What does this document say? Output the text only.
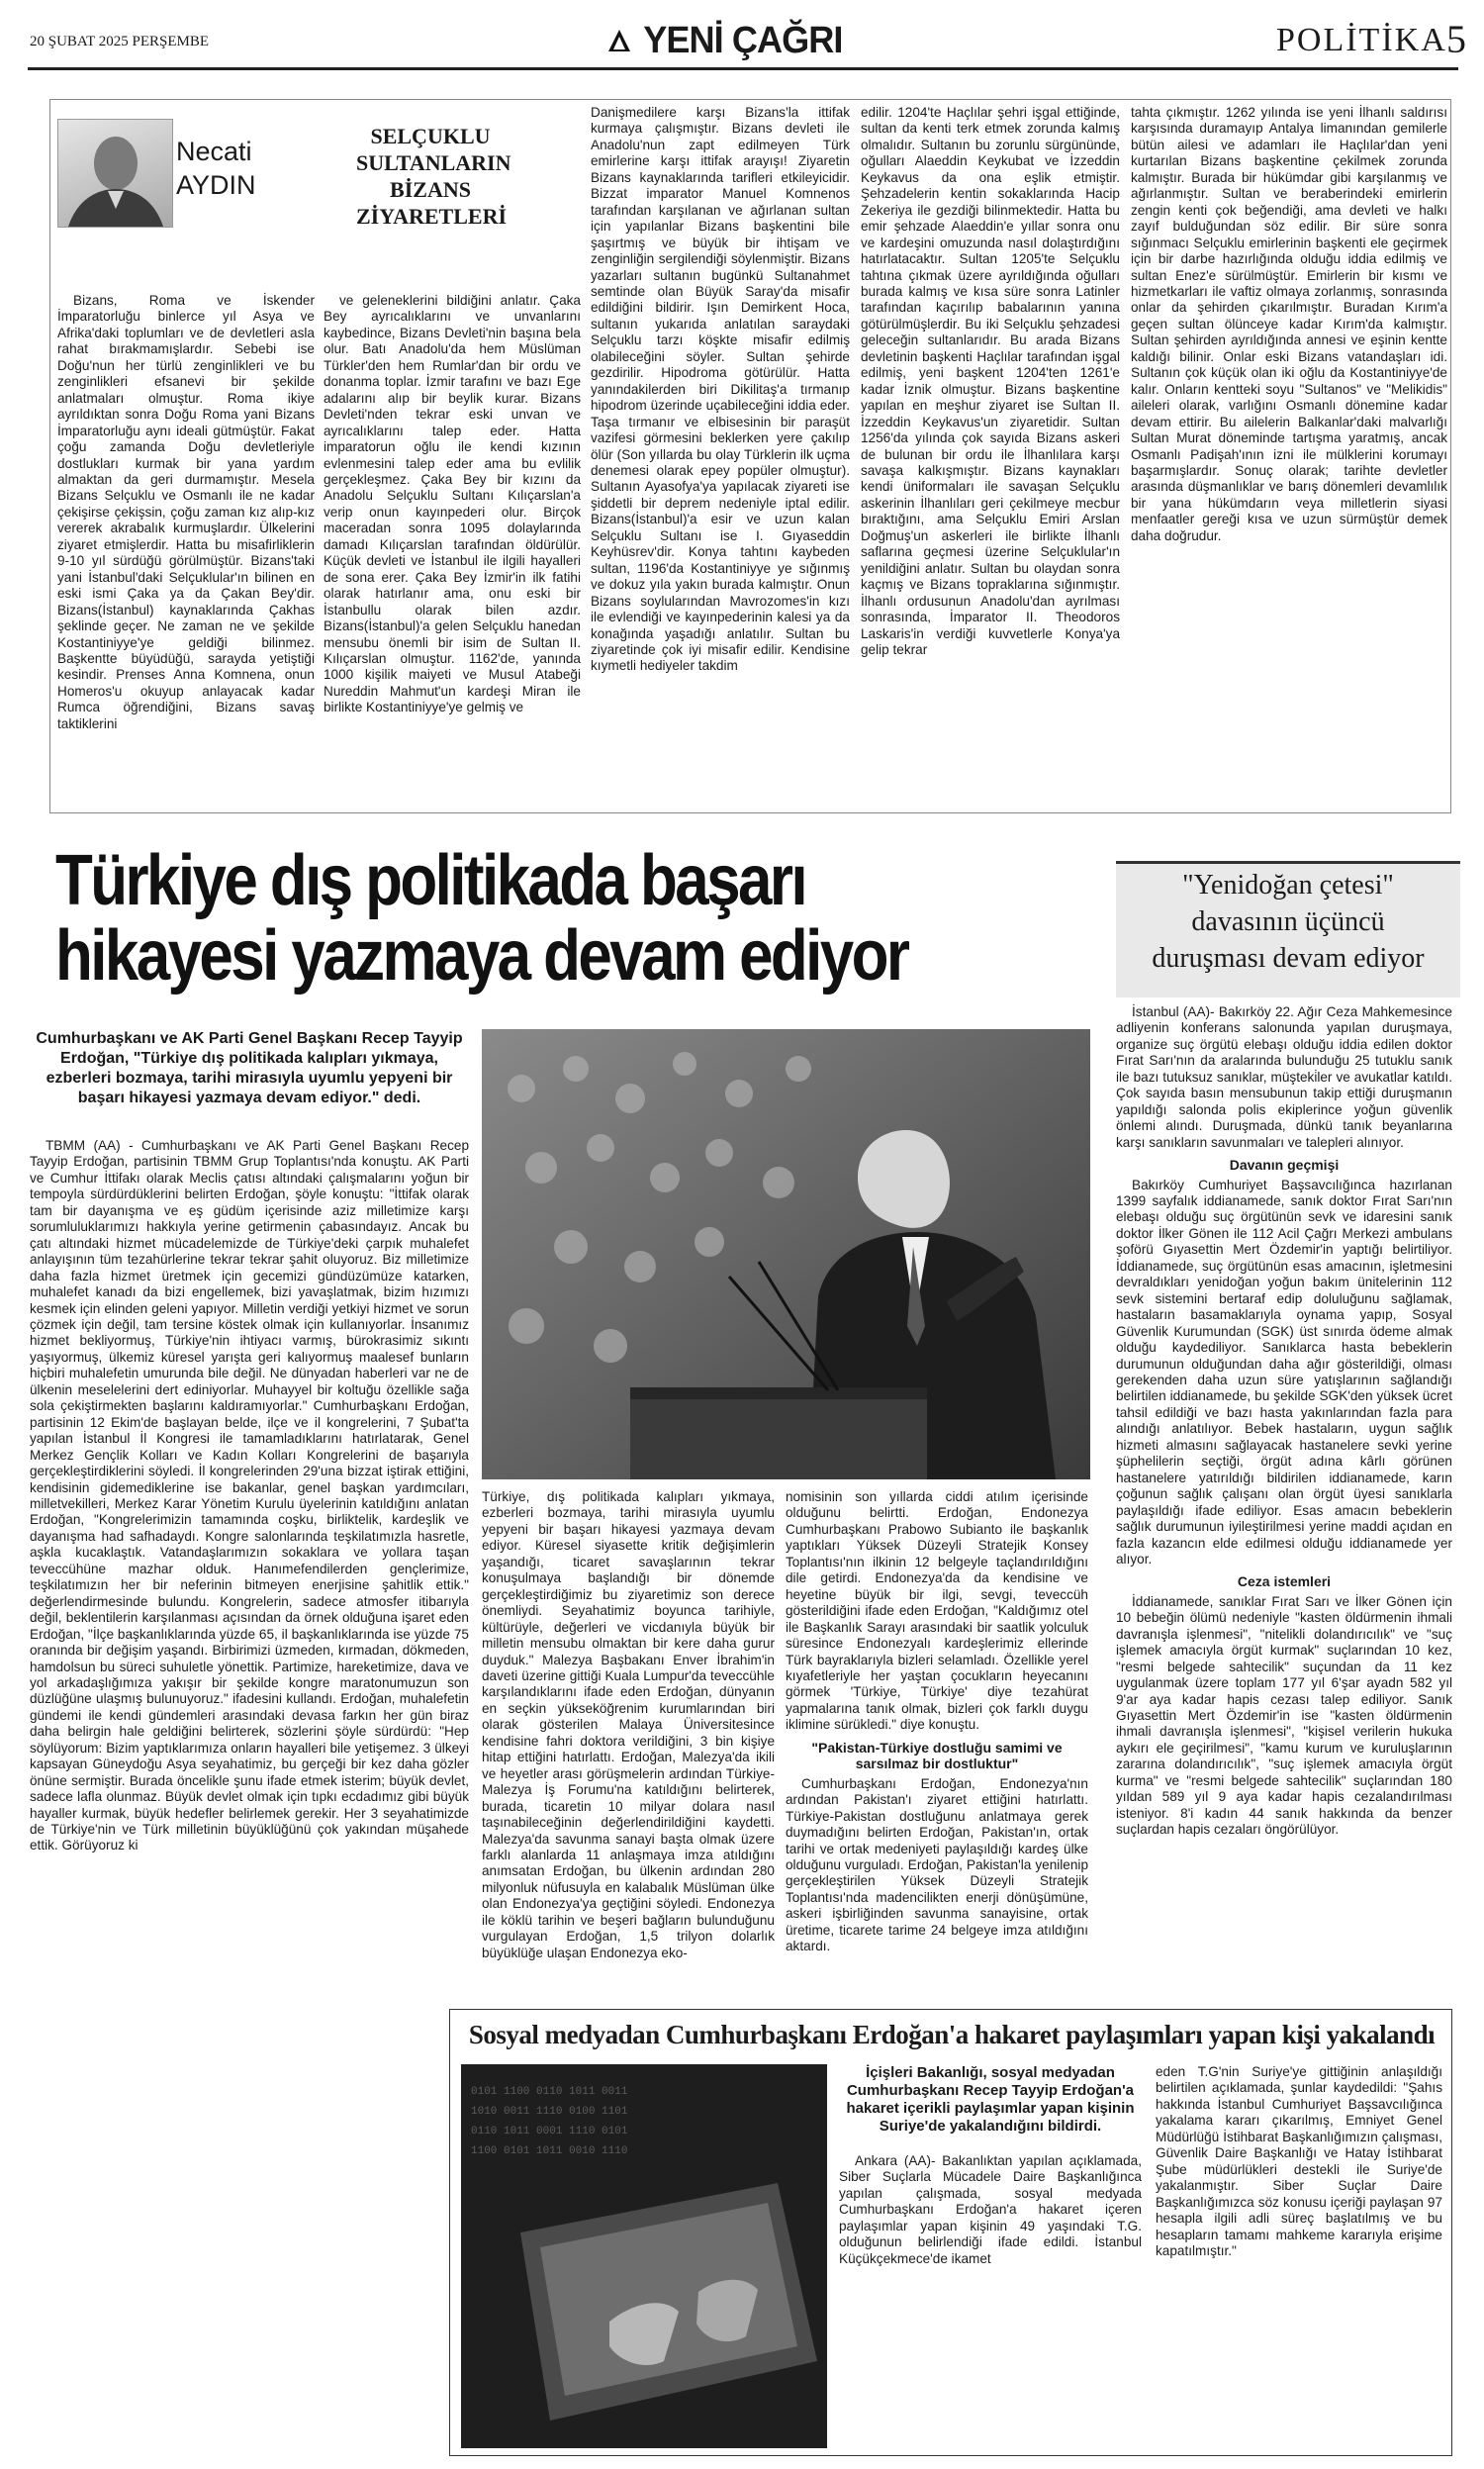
20 ŞUBAT 2025 PERŞEMBE	YENİ ÇAĞRI	POLİTİKA 5
Necati
AYDIN
SELÇUKLU
SULTANLARIN
BİZANS
ZİYARETLERİ

Bizans, Roma ve İskender İmparatorluğu binlerce yıl Asya ve Afrika'daki toplumları ve de devletleri asla rahat bırakmamışlardır. Sebebi ise Doğu'nun her türlü zenginlikleri ve bu zenginlikleri efsanevi bir şekilde anlatmaları olmuştur. Roma ikiye ayrıldıktan sonra Doğu Roma yani Bizans İmparatorluğu aynı ideali gütmüştür. Fakat çoğu zamanda Doğu devletleriyle dostlukları kurmak bir yana yardım almaktan da geri durmamıştır. Mesela Bizans Selçuklu ve Osmanlı ile ne kadar çekişirse çekişsin, çoğu zaman kız alıp-kız vererek akrabalık kurmuşlardır. Ülkelerini ziyaret etmişlerdir. Hatta bu misafirliklerin 9-10 yıl sürdüğü görülmüştür. Bizans'taki yani İstanbul'daki Selçuklular'ın bilinen en eski ismi Çaka ya da Çakan Bey'dir. Bizans(İstanbul) kaynaklarında Çakhas şeklinde geçer. Ne zaman ne ve şekilde Kostantiniyye'ye geldiği bilinmez. Başkentte büyüdüğü, sarayda yetiştiği kesindir. Prenses Anna Komnena, onun Homeros'u okuyup anlayacak kadar Rumca öğrendiğini, Bizans savaş taktiklerini

ve geleneklerini bildiğini anlatır. Çaka Bey ayrıcalıklarını ve unvanlarını kaybedince, Bizans Devleti'nin başına bela olur. Batı Anadolu'da hem Müslüman Türkler'den hem Rumlar'dan bir ordu ve donanma toplar. İzmir tarafını ve bazı Ege adalarını alıp bir beylik kurar. Bizans Devleti'nden tekrar eski unvan ve ayrıcalıklarını talep eder. Hatta imparatorun oğlu ile kendi kızının evlenmesini talep eder ama bu evlilik gerçekleşmez. Çaka Bey bir kızını da Anadolu Selçuklu Sultanı Kılıçarslan'a verip onun kayınpederi olur. Birçok maceradan sonra 1095 dolaylarında damadı Kılıçarslan tarafından öldürülür. Küçük devleti ve İstanbul ile ilgili hayalleri de sona erer. Çaka Bey İzmir'in ilk fatihi olarak hatırlanır ama, onu eski bir İstanbullu olarak bilen azdır. Bizans(İstanbul)'a gelen Selçuklu hanedan mensubu önemli bir isim de Sultan II. Kılıçarslan olmuştur. 1162'de, yanında 1000 kişilik maiyeti ve Musul Atabeği Nureddin Mahmut'un kardeşi Miran ile birlikte Kostantiniyye'ye gelmiş ve

Danişmedilere karşı Bizans'la ittifak kurmaya çalışmıştır. Bizans devleti ile Anadolu'nun zapt edilmeyen Türk emirlerine karşı ittifak arayışı! Ziyaretin Bizans kaynaklarında tarifleri etkileyicidir. Bizzat imparator Manuel Komnenos tarafından karşılanan ve ağırlanan sultan için yapılanlar Bizans başkentini bile şaşırtmış ve büyük bir ihtişam ve zenginliğin sergilendiği söylenmiştir. Bizans yazarları sultanın bugünkü Sultanahmet semtinde olan Büyük Saray'da misafir edildiğini bildirir. Işın Demirkent Hoca, sultanın yukarıda anlatılan saraydaki Selçuklu tarzı köşkte misafir edilmiş olabileceğini söyler. Sultan şehirde gezdirilir. Hipodroma götürülür. Hatta yanındakilerden biri Dikilitaş'a tırmanıp hipodrom üzerinde uçabileceğini iddia eder. Taşa tırmanır ve elbisesinin bir paraşüt vazifesi görmesini beklerken yere çakılıp ölür (Son yıllarda bu olay Türklerin ilk uçma denemesi olarak epey popüler olmuştur). Sultanın Ayasofya'ya yapılacak ziyareti ise şiddetli bir deprem nedeniyle iptal edilir. Bizans(İstanbul)'a esir ve uzun kalan Selçuklu Sultanı ise I. Gıyaseddin Keyhüsrev'dir. Konya tahtını kaybeden sultan, 1196'da Kostantiniyye ye sığınmış ve dokuz yıla yakın burada kalmıştır. Onun Bizans soylularından Mavrozomes'in kızı ile evlendiği ve kayınpederinin kalesi ya da konağında yaşadığı anlatılır. Sultan bu ziyaretinde çok iyi misafir edilir. Kendisine kıymetli hediyeler takdim

edilir. 1204'te Haçlılar şehri işgal ettiğinde, sultan da kenti terk etmek zorunda kalmış olmalıdır. Sultanın bu zorunlu sürgününde, oğulları Alaeddin Keykubat ve İzzeddin Keykavus da ona eşlik etmiştir. Şehzadelerin kentin sokaklarında Hacip Zekeriya ile gezdiği bilinmektedir. Hatta bu emir şehzade Alaeddin'e yıllar sonra onu ve kardeşini omuzunda nasıl dolaştırdığını hatırlatacaktır. Sultan 1205'te Selçuklu tahtına çıkmak üzere ayrıldığında oğulları burada kalmış ve kısa süre sonra Latinler tarafından kaçırılıp babalarının yanına götürülmüşlerdir. Bu iki Selçuklu şehzadesi geleceğin sultanlarıdır. Bu arada Bizans devletinin başkenti Haçlılar tarafından işgal edilmiş, yeni başkent 1204'ten 1261'e kadar İznik olmuştur. Bizans başkentine yapılan en meşhur ziyaret ise Sultan II. İzzeddin Keykavus'un ziyaretidir. Sultan 1256'da yılında çok sayıda Bizans askeri de bulunan bir ordu ile İlhanlılara karşı savaşa kalkışmıştır. Bizans kaynakları kendi üniformaları ile savaşan Selçuklu askerinin İlhanlıları geri çekilmeye mecbur bıraktığını, ama Selçuklu Emiri Arslan Doğmuş'un askerleri ile birlikte İlhanlı saflarına geçmesi üzerine Selçuklular'ın yenildiğini anlatır. Sultan bu olaydan sonra kaçmış ve Bizans topraklarına sığınmıştır. İlhanlı ordusunun Anadolu'dan ayrılması sonrasında, İmparator II. Theodoros Laskaris'in verdiği kuvvetlerle Konya'ya gelip tekrar

tahta çıkmıştır. 1262 yılında ise yeni İlhanlı saldırısı karşısında duramayıp Antalya limanından gemilerle bütün ailesi ve adamları ile Haçlılar'dan yeni kurtarılan Bizans başkentine çekilmek zorunda kalmıştır. Burada bir hükümdar gibi karşılanmış ve ağırlanmıştır. Sultan ve beraberindeki emirlerin zengin kenti çok beğendiği, ama devleti ve halkı zayıf bulduğundan söz edilir. Bir süre sonra sığınmacı Selçuklu emirlerinin başkenti ele geçirmek için bir darbe hazırlığında olduğu iddia edilmiş ve sultan Enez'e sürülmüştür. Emirlerin bir kısmı ve hizmetkarları ile vaftiz olmaya zorlanmış, sonrasında onlar da şehirden çıkarılmıştır. Buradan Kırım'a geçen sultan ölünceye kadar Kırım'da kalmıştır. Sultan şehirden ayrıldığında annesi ve eşinin kentte kaldığı bilinir. Onlar eski Bizans vatandaşları idi. Sultanın çok küçük olan iki oğlu da Kostantiniyye'de kalır. Onların kentteki soyu "Sultanos" ve "Melikidis" aileleri olarak, varlığını Osmanlı dönemine kadar devam ettirir. Bu ailelerin Balkanlar'daki malvarlığı Sultan Murat döneminde tartışma yaratmış, ancak Osmanlı Padişah'ının izni ile mülklerini korumayı başarmışlardır. Sonuç olarak; tarihte devletler arasında düşmanlıklar ve barış dönemleri devamlılık bir yana hükümdarın veya milletlerin siyasi menfaatler gereği kısa ve uzun sürmüştür demek daha doğrudur.

Türkiye dış politikada başarı
hikayesi yazmaya devam ediyor
Cumhurbaşkanı ve AK Parti Genel Başkanı Recep Tayyip Erdoğan, "Türkiye dış politikada kalıpları yıkmaya, ezberleri bozmaya, tarihi mirasıyla uyumlu yepyeni bir başarı hikayesi yazmaya devam ediyor." dedi.

TBMM (AA) - Cumhurbaşkanı ve AK Parti Genel Başkanı Recep Tayyip Erdoğan, partisinin TBMM Grup Toplantısı'nda konuştu. AK Parti ve Cumhur İttifakı olarak Meclis çatısı altındaki çalışmalarını yoğun bir tempoyla sürdürdüklerini belirten Erdoğan, şöyle konuştu: "İttifak olarak tam bir dayanışma ve eş güdüm içerisinde aziz milletimize karşı sorumluluklarımızı hakkıyla yerine getirmenin çabasındayız. Ancak bu çatı altındaki hizmet mücadelemizde de Türkiye'deki çarpık muhalefet anlayışının tüm tezahürlerine tekrar tekrar şahit oluyoruz. Biz milletimize daha fazla hizmet üretmek için gecemizi gündüzümüze katarken, muhalefet kanadı da bizi engellemek, bizi yavaşlatmak, bizim hızımızı kesmek için elinden geleni yapıyor. Milletin verdiği yetkiyi hizmet ve sorun çözmek için değil, tam tersine köstek olmak için kullanıyorlar. İnsanımız hizmet bekliyormuş, Türkiye'nin ihtiyacı varmış, bürokrasimiz sıkıntı yaşıyormuş, ülkemiz küresel yarışta geri kalıyormuş maalesef bunların hiçbiri muhalefetin umurunda bile değil. Ne dünyadan haberleri var ne de ülkenin meselelerini dert ediniyorlar. Muhayyel bir koltuğu özellikle sağa sola çekiştirmekten başlarını kaldıramıyorlar." Cumhurbaşkanı Erdoğan, partisinin 12 Ekim'de başlayan belde, ilçe ve il kongrelerini, 7 Şubat'ta yapılan İstanbul İl Kongresi ile tamamladıklarını hatırlatarak, Genel Merkez Gençlik Kolları ve Kadın Kolları Kongrelerini de başarıyla gerçekleştirdiklerini söyledi. İl kongrelerinden 29'una bizzat iştirak ettiğini, kendisinin gidemediklerine ise bakanlar, genel başkan yardımcıları, milletvekilleri, Merkez Karar Yönetim Kurulu üyelerinin katıldığını anlatan Erdoğan, "Kongrelerimizin tamamında coşku, birliktelik, kardeşlik ve dayanışma had safhadaydı. Kongre salonlarında teşkilatımızla hasretle, aşkla kucaklaştık. Vatandaşlarımızın sokaklara ve yollara taşan teveccühüne mazhar olduk. Hanımefendilerden gençlerimize, teşkilatımızın her bir neferinin bitmeyen enerjisine şahitlik ettik." değerlendirmesinde bulundu. Kongrelerin, sadece atmosfer itibarıyla değil, beklentilerin karşılanması açısından da örnek olduğuna işaret eden Erdoğan, "İlçe başkanlıklarında yüzde 65, il başkanlıklarında ise yüzde 75 oranında bir değişim yaşandı. Birbirimizi üzmeden, kırmadan, dökmeden, hamdolsun bu süreci suhuletle yönettik. Partimize, hareketimize, dava ve yol arkadaşlığımıza yakışır bir şekilde kongre maratonumuzun son düzlüğüne ulaşmış bulunuyoruz." ifadesini kullandı. Erdoğan, muhalefetin gündemi ile kendi gündemleri arasındaki devasa farkın her gün biraz daha belirgin hale geldiğini belirterek, sözlerini şöyle sürdürdü: "Hep söylüyorum: Bizim yaptıklarımıza onların hayalleri bile yetişemez. 3 ülkeyi kapsayan Güneydoğu Asya seyahatimiz, bu gerçeği bir kez daha gözler önüne sermiştir. Burada öncelikle şunu ifade etmek isterim; büyük devlet, sadece lafla olunmaz. Büyük devlet olmak için tıpkı ecdadımız gibi büyük hayaller kurmak, büyük hedefler belirlemek gerekir. Her 3 seyahatimizde de Türkiye'nin ve Türk milletinin büyüklüğünü çok yakından müşahede ettik. Görüyoruz ki

Türkiye, dış politikada kalıpları yıkmaya, ezberleri bozmaya, tarihi mirasıyla uyumlu yepyeni bir başarı hikayesi yazmaya devam ediyor. Küresel siyasette kritik değişimlerin yaşandığı, ticaret savaşlarının tekrar konuşulmaya başlandığı bir dönemde gerçekleştirdiğimiz bu ziyaretimiz son derece önemliydi. Seyahatimiz boyunca tarihiyle, kültürüyle, değerleri ve vicdanıyla büyük bir milletin mensubu olmaktan bir kere daha gurur duyduk." Malezya Başbakanı Enver İbrahim'in daveti üzerine gittiği Kuala Lumpur'da teveccühle karşılandıklarını ifade eden Erdoğan, dünyanın en seçkin yükseköğrenim kurumlarından biri olarak gösterilen Malaya Üniversitesince kendisine fahri doktora verildiğini, 3 bin kişiye hitap ettiğini hatırlattı. Erdoğan, Malezya'da ikili ve heyetler arası görüşmelerin ardından Türkiye-Malezya İş Forumu'na katıldığını belirterek, burada, ticaretin 10 milyar dolara nasıl taşınabileceğinin değerlendirildiğini kaydetti. Malezya'da savunma sanayi başta olmak üzere farklı alanlarda 11 anlaşmaya imza atıldığını anımsatan Erdoğan, bu ülkenin ardından 280 milyonluk nüfusuyla en kalabalık Müslüman ülke olan Endonezya'ya geçtiğini söyledi. Endonezya ile köklü tarihin ve beşeri bağların bulunduğunu vurgulayan Erdoğan, 1,5 trilyon dolarlık büyüklüğe ulaşan Endonezya eko-

nomisinin son yıllarda ciddi atılım içerisinde olduğunu belirtti. Erdoğan, Endonezya Cumhurbaşkanı Prabowo Subianto ile başkanlık yaptıkları Yüksek Düzeyli Stratejik Konsey Toplantısı'nın ilkinin 12 belgeyle taçlandırıldığını dile getirdi. Endonezya'da da kendisine ve heyetine büyük bir ilgi, sevgi, teveccüh gösterildiğini ifade eden Erdoğan, "Kaldığımız otel ile Başkanlık Sarayı arasındaki bir saatlik yolculuk süresince Endonezyalı kardeşlerimiz ellerinde Türk bayraklarıyla bizleri selamladı. Özellikle yerel kıyafetleriyle her yaştan çocukların heyecanını görmek 'Türkiye, Türkiye' diye tezahürat yapmalarına tanık olmak, bizleri çok farklı duygu iklimine sürükledi." diye konuştu.

"Pakistan-Türkiye dostluğu samimi ve sarsılmaz bir dostluktur"

Cumhurbaşkanı Erdoğan, Endonezya'nın ardından Pakistan'ı ziyaret ettiğini hatırlattı. Türkiye-Pakistan dostluğunu anlatmaya gerek duymadığını belirten Erdoğan, Pakistan'ın, ortak tarihi ve ortak medeniyeti paylaşıldığı kardeş ülke olduğunu vurguladı. Erdoğan, Pakistan'la yenilenip gerçekleştirilen Yüksek Düzeyli Stratejik Toplantısı'nda madencilikten enerji dönüşümüne, askeri işbirliğinden savunma sanayisine, ortak üretime, ticarete tarime 24 belgeye imza atıldığını aktardı.

"Yenidoğan çetesi"
davasının üçüncü
duruşması devam ediyor

İstanbul (AA)- Bakırköy 22. Ağır Ceza Mahkemesince adliyenin konferans salonunda yapılan duruşmaya, organize suç örgütü elebaşı olduğu iddia edilen doktor Fırat Sarı'nın da aralarında bulunduğu 25 tutuklu sanık ile bazı tutuksuz sanıklar, müşteki̇ler ve avukatlar katıldı. Çok sayıda basın mensubunun takip ettiği duruşmanın yapıldığı salonda polis ekiplerince yoğun güvenlik önlemi alındı. Duruşmada, dünkü tanık beyanlarına karşı sanıkların savunmaları ve talepleri alınıyor.

Davanın geçmişi

Bakırköy Cumhuriyet Başsavcılığınca hazırlanan 1399 sayfalık iddianamede, sanık doktor Fırat Sarı'nın elebaşı olduğu suç örgütünün sevk ve idaresini sanık doktor İlker Gönen ile 112 Acil Çağrı Merkezi ambulans şoförü Gıyasettin Mert Özdemir'in yaptığı belirtiliyor. İddianamede, suç örgütünün esas amacının, işletmesini devraldıkları yenidoğan yoğun bakım ünitelerinin 112 sevk sistemini bertaraf edip doluluğunu sağlamak, hastaların basamaklarıyla oynama yapıp, Sosyal Güvenlik Kurumundan (SGK) üst sınırda ödeme almak olduğu kaydediliyor. Sanıklarca hasta bebeklerin durumunun olduğundan daha ağır gösterildiği, olması gerekenden daha uzun süre yatışlarının sağlandığı belirtilen iddianamede, bu şekilde SGK'den yüksek ücret tahsil edildiği ve bazı hasta yakınlarından fazla para alındığı anlatılıyor. Bebek hastaların, uygun sağlık hizmeti almasını sağlayacak hastanelere sevki yerine şüphelilerin seçtiği, örgüt adına kârlı görünen hastanelere yatırıldığı bildirilen iddianamede, karın çoğunun sağlık çalışanı olan örgüt üyesi sanıklarla paylaşıldığı ifade ediliyor. Esas amacın bebeklerin sağlık durumunun iyileştirilmesi yerine maddi açıdan en fazla kazancın elde edilmesi olduğu iddianamede yer alıyor.

Ceza istemleri

İddianamede, sanıklar Fırat Sarı ve İlker Gönen için 10 bebeğin ölümü nedeniyle "kasten öldürmenin ihmali davranışla işlenmesi", "nitelikli dolandırıcılık" ve "suç işlemek amacıyla örgüt kurmak" suçlarından 10 kez, "resmi belgede sahtecilik" suçundan da 11 kez uygulanmak üzere toplam 177 yıl 6'şar ayadn 582 yıl 9'ar aya kadar hapis cezası talep ediliyor. Sanık Gıyasettin Mert Özdemir'in ise "kasten öldürmenin ihmali davranışla işlenmesi", "kişisel verilerin hukuka aykırı ele geçirilmesi", "kamu kurum ve kuruluşlarının zararına dolandırıcılık", "suç işlemek amacıyla örgüt kurma" ve "resmi belgede sahtecilik" suçlarından 180 yıldan 589 yıl 9 aya kadar hapis cezalandırılması isteniyor. 8'i kadın 44 sanık hakkında da benzer suçlardan hapis cezaları öngörülüyor.

Sosyal medyadan Cumhurbaşkanı Erdoğan'a hakaret paylaşımları yapan kişi yakalandı
0101 1100 0110 1011 0011
1010 0011 1110 0100 1101
0110 1011 0001 1110 0101
1100 0101 1011 0010 1110
İçişleri Bakanlığı, sosyal medyadan Cumhurbaşkanı Recep Tayyip Erdoğan'a hakaret içerikli paylaşımlar yapan kişinin Suriye'de yakalandığını bildirdi.

Ankara (AA)- Bakanlıktan yapılan açıklamada, Siber Suçlarla Mücadele Daire Başkanlığınca yapılan çalışmada, sosyal medyada Cumhurbaşkanı Erdoğan'a hakaret içeren paylaşımlar yapan kişinin 49 yaşındaki T.G. olduğunun belirlendiği ifade edildi. İstanbul Küçükçekmece'de ikamet

eden T.G'nin Suriye'ye gittiğinin anlaşıldığı belirtilen açıklamada, şunlar kaydedildi: "Şahıs hakkında İstanbul Cumhuriyet Başsavcılığınca yakalama kararı çıkarılmış, Emniyet Genel Müdürlüğü İstihbarat Başkanlığımızın çalışması, Güvenlik Daire Başkanlığı ve Hatay İstihbarat Şube müdürlükleri destekli ile Suriye'de yakalanmıştır. Siber Suçlar Daire Başkanlığımızca söz konusu içeriği paylaşan 97 hesapla ilgili adli süreç başlatılmış ve bu hesapların tamamı mahkeme kararıyla erişime kapatılmıştır."
